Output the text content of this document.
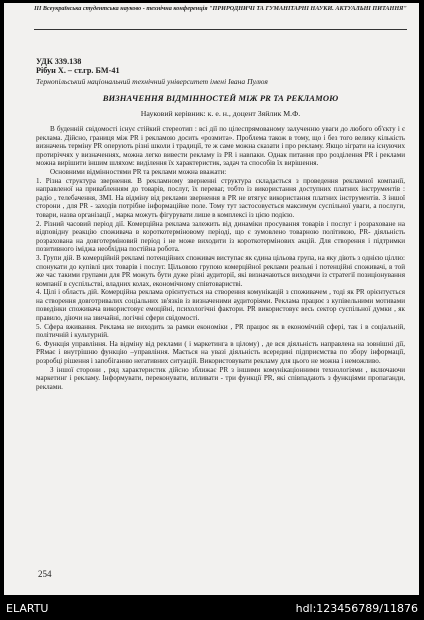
III Всеукраїнська студентська науково - технічна конференція "ПРИРОДНИЧІ ТА ГУМАНІТАРНІ НАУКИ. АКТУАЛЬНІ ПИТАННЯ"
УДК 339.138
Рібун Х. – ст.гр. БМ-41
Тернопільський національний технічний університет імені Івана Пулюя
ВИЗНАЧЕННЯ ВІДМІННОСТЕЙ МІЖ PR ТА РЕКЛАМОЮ
Науковий керівник: к. е. н., доцент Зяйлик М.Ф.

В буденній свідомості існує стійкий стереотип : всі дії по цілеспрямованому залученню уваги до любого об'єкту і є реклама. Дійсно, границя між PR і рекламою досить «розмита». Проблема також в тому, що і без того велику кількість визначень терміну PR оперують різні школи і традиції, те ж саме можна сказати і про рекламу. Якщо зіграти на існуючих протиріччях у визначеннях, можна легко вивести рекламу із PR і навпаки. Однак питання про розділення PR і реклами можна вирішити іншим шляхом: виділення їх характеристик, задач та способів їх вирішення.

Основними відмінностями PR та реклами можна вважати:

1. Різна структура звернення. В рекламному зверненні структура складається з проведення рекламної компанії, направленої на привабленням до товарів, послуг, їх переваг, тобто із використання доступних платних інструментів : радіо , телебачення, ЗМІ. На відміну від реклами звернення в PR не втягує використання платних інструментів. З іншої сторони , для PR - заходів потрібне інформаційне поле. Тому тут застосовується максимум суспільної уваги, а послуги, товари, назва організації , марка можуть фігурувати лише в комплексі із цією подією.

2. Різний часовий період дії. Комерційна реклама залежить від динаміки просування товарів і послуг і розраховане на відповідну реакцію споживача в короткотерміновому періоді, що є зумовлено товарною політикою, PR- діяльність розрахована на довготерміновий період і не може виходити із короткотермінових акцій. Для створення і підтримки позитивного іміджа необхідна постійна робота.

3. Групи дій. В комерційній рекламі потенційних споживач виступає як єдина цільова група, на яку діють з однією ціллю: спонукати до купівлі цих товарів і послуг. Цільовою групою комерційної реклами реальні і потенційні споживачі, в той же час такими групами для PR можуть бути дуже різні аудиторії, які визначаються виходячи із стратегії позиціонування компанії в суспільстві, владних колах, економічному співтоваристві.

4. Цілі і область дій. Комерційна реклама орієнтується на створення комунікацій з споживачем , тоді як PR орієнтується на створення довготривалих соціальних зв'язків із визначеними аудиторіями. Реклама працює з купівельними мотивами поведінки споживача використовує емоційні, психологічні фактори. PR використовує весь сектор суспільної думки , як правило, діючи на звичайні, логічні сфери свідомості.

5. Сфера вживання. Реклама не виходить за рамки економіки , PR працює як в економічній сфері, так і в соціальній, політичній і культурній.

6. Функція управління. На відміну від реклами ( і маркетинга в цілому) , де вся діяльність направлена на зовнішні дії, PRмає і внутрішню функцію –управління. Мається на увазі діяльність всередині підприємства по збору інформації, розробці рішення і запобіганню негативних ситуацій. Використовувати рекламу для цього не можна і неможливо.

З іншої сторони , ряд характеристик дійсно зближає PR з іншими комунікаціонними технологіями , включаючи маркетинг і рекламу. Інформувати, переконувати, впливати - три функції PR, які співпадають з функціями пропаганди, реклами.

254
ELARTU	hdl:123456789/11876
